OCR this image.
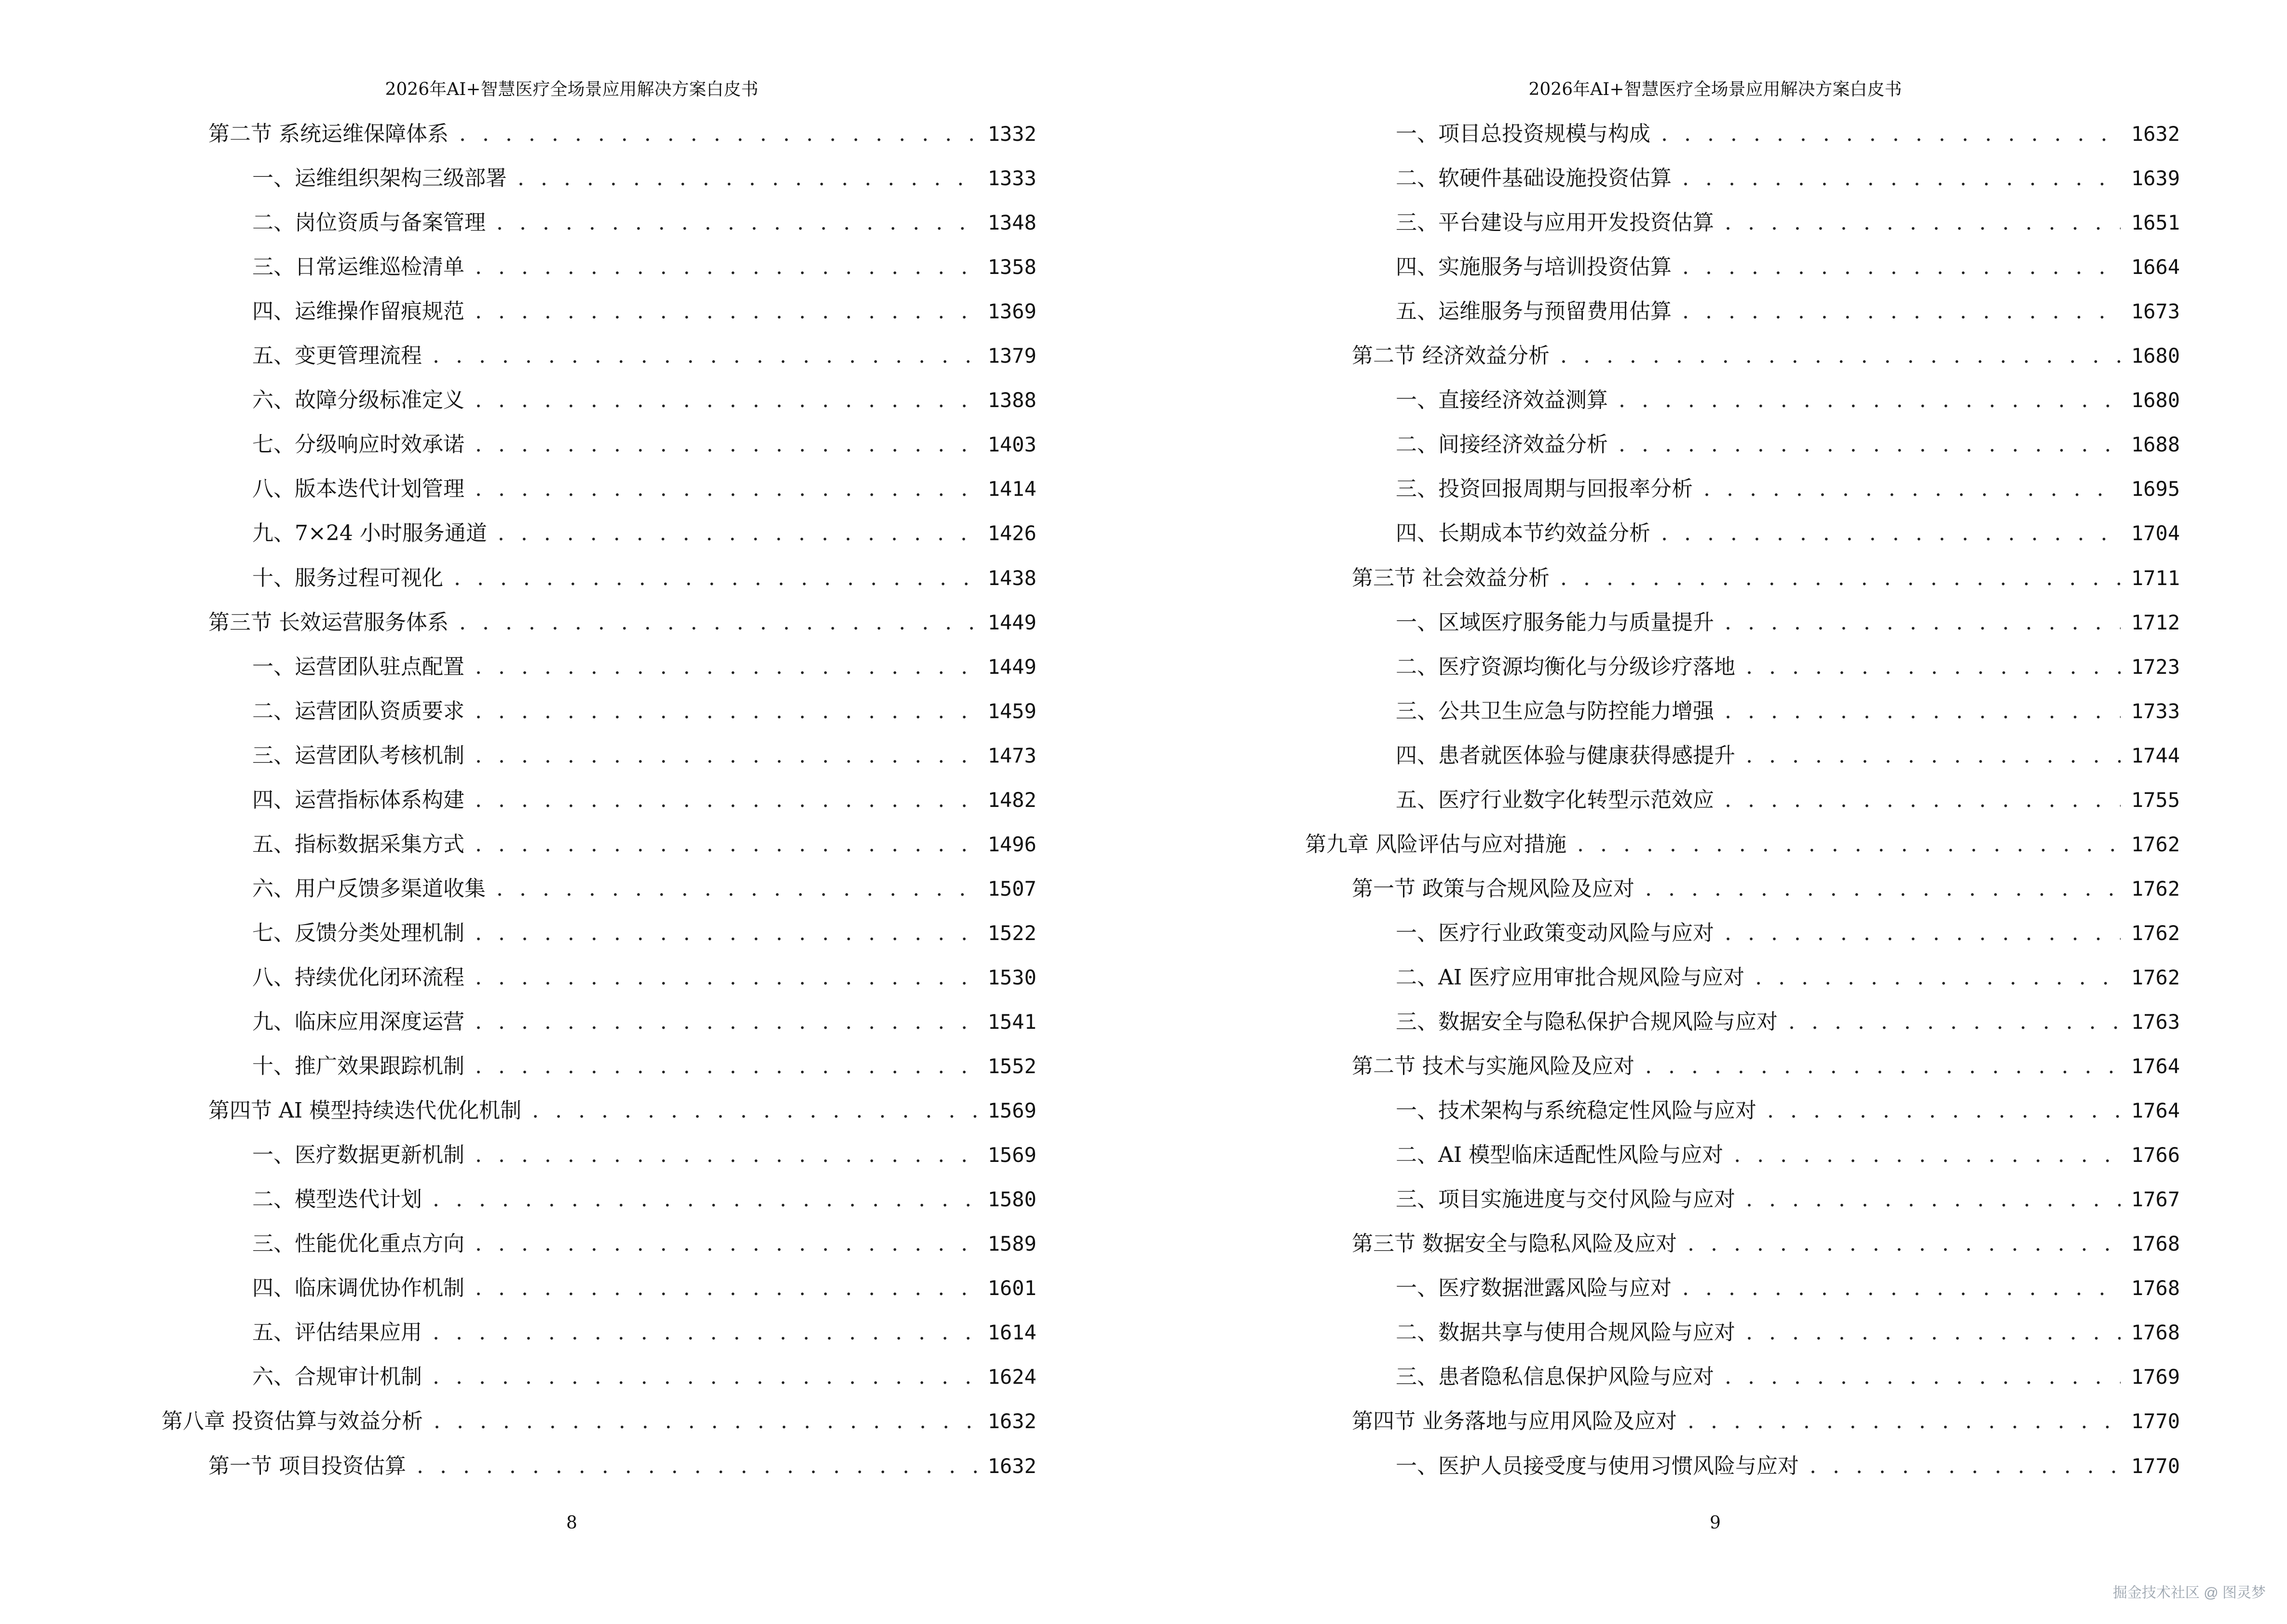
2026年AI+智慧医疗全场景应用解决方案白皮书
第二节 系统运维保障体系 . . .	1332
一、运维组织架构三级部署 . . .	1333
二、岗位资质与备案管理 . . .	1348
三、日常运维巡检清单 . . .	1358
四、运维操作留痕规范 . . .	1369
五、变更管理流程 . . .	1379
六、故障分级标准定义 . . .	1388
七、分级响应时效承诺 . . .	1403
八、版本迭代计划管理 . . .	1414
九、7×24 小时服务通道 . . .	1426
十、服务过程可视化 . . .	1438
第三节 长效运营服务体系 . . .	1449
一、运营团队驻点配置 . . .	1449
二、运营团队资质要求 . . .	1459
三、运营团队考核机制 . . .	1473
四、运营指标体系构建 . . .	1482
五、指标数据采集方式 . . .	1496
六、用户反馈多渠道收集 . . .	1507
七、反馈分类处理机制 . . .	1522
八、持续优化闭环流程 . . .	1530
九、临床应用深度运营 . . .	1541
十、推广效果跟踪机制 . . .	1552
第四节 AI 模型持续迭代优化机制 . . .	1569
一、医疗数据更新机制 . . .	1569
二、模型迭代计划 . . .	1580
三、性能优化重点方向 . . .	1589
四、临床调优协作机制 . . .	1601
五、评估结果应用 . . .	1614
六、合规审计机制 . . .	1624
第八章 投资估算与效益分析 . . .	1632
第一节 项目投资估算 . . .	1632
8
2026年AI+智慧医疗全场景应用解决方案白皮书
一、项目总投资规模与构成 . . .	1632
二、软硬件基础设施投资估算 . . .	1639
三、平台建设与应用开发投资估算 . . .	1651
四、实施服务与培训投资估算 . . .	1664
五、运维服务与预留费用估算 . . .	1673
第二节 经济效益分析 . . .	1680
一、直接经济效益测算 . . .	1680
二、间接经济效益分析 . . .	1688
三、投资回报周期与回报率分析 . . .	1695
四、长期成本节约效益分析 . . .	1704
第三节 社会效益分析 . . .	1711
一、区域医疗服务能力与质量提升 . . .	1712
二、医疗资源均衡化与分级诊疗落地 . . .	1723
三、公共卫生应急与防控能力增强 . . .	1733
四、患者就医体验与健康获得感提升 . . .	1744
五、医疗行业数字化转型示范效应 . . .	1755
第九章 风险评估与应对措施 . . .	1762
第一节 政策与合规风险及应对 . . .	1762
一、医疗行业政策变动风险与应对 . . .	1762
二、AI 医疗应用审批合规风险与应对 . . .	1762
三、数据安全与隐私保护合规风险与应对 . . .	1763
第二节 技术与实施风险及应对 . . .	1764
一、技术架构与系统稳定性风险与应对 . . .	1764
二、AI 模型临床适配性风险与应对 . . .	1766
三、项目实施进度与交付风险与应对 . . .	1767
第三节 数据安全与隐私风险及应对 . . .	1768
一、医疗数据泄露风险与应对 . . .	1768
二、数据共享与使用合规风险与应对 . . .	1768
三、患者隐私信息保护风险与应对 . . .	1769
第四节 业务落地与应用风险及应对 . . .	1770
一、医护人员接受度与使用习惯风险与应对 . . .	1770
9
掘金技术社区 @ 图灵梦
